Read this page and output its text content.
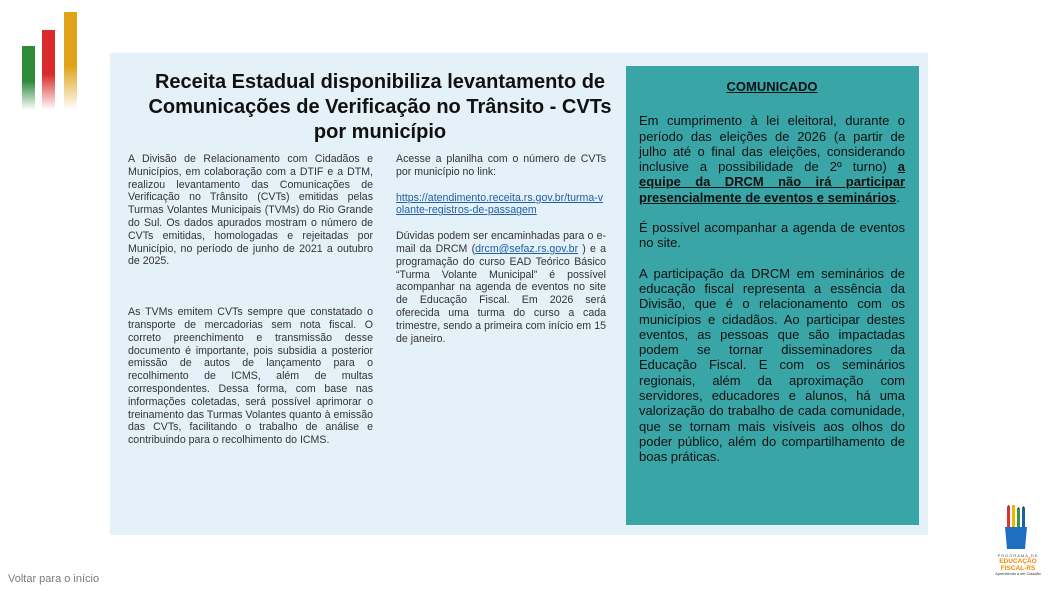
Receita Estadual disponibiliza levantamento de Comunicações de Verificação no Trânsito - CVTs por município

A Divisão de Relacionamento com Cidadãos e Municípios, em colaboração com a DTIF e a DTM, realizou levantamento das Comunicações de Verificação no Trânsito (CVTs) emitidas pelas Turmas Volantes Municipais (TVMs) do Rio Grande do Sul. Os dados apurados mostram o número de CVTs emitidas, homologadas e rejeitadas por Município, no período de junho de 2021 a outubro de 2025.

As TVMs emitem CVTs sempre que constatado o transporte de mercadorias sem nota fiscal. O correto preenchimento e transmissão desse documento é importante, pois subsidia a posterior emissão de autos de lançamento para o recolhimento de ICMS, além de multas correspondentes. Dessa forma, com base nas informações coletadas, será possível aprimorar o treinamento das Turmas Volantes quanto à emissão das CVTs, facilitando o trabalho de análise e contribuindo para o recolhimento do ICMS.

Acesse a planilha com o número de CVTs por município no link:

https://atendimento.receita.rs.gov.br/turma-volante-registros-de-passagem

Dúvidas podem ser encaminhadas para o e-mail da DRCM (drcm@sefaz.rs.gov.br ) e a programação do curso EAD Teórico Básico “Turma Volante Municipal” é possível acompanhar na agenda de eventos no site de Educação Fiscal. Em 2026 será oferecida uma turma do curso a cada trimestre, sendo a primeira com início em 15 de janeiro.

COMUNICADO

Em cumprimento à lei eleitoral, durante o período das eleições de 2026 (a partir de julho até o final das eleições, considerando inclusive a possibilidade de 2º turno) a equipe da DRCM não irá participar presencialmente de eventos e seminários.

É possível acompanhar a agenda de eventos no site.

A participação da DRCM em seminários de educação fiscal representa a essência da Divisão, que é o relacionamento com os municípios e cidadãos. Ao participar destes eventos, as pessoas que são impactadas podem se tornar disseminadores da Educação Fiscal. E com os seminários regionais, além da aproximação com servidores, educadores e alunos, há uma valorização do trabalho de cada comunidade, que se tornam mais visíveis aos olhos do poder público, além do compartilhamento de boas práticas.

Voltar para o início
PROGRAMA DE
EDUCAÇÃO
FISCAL-RS
Aprendendo a ser Cidadão
